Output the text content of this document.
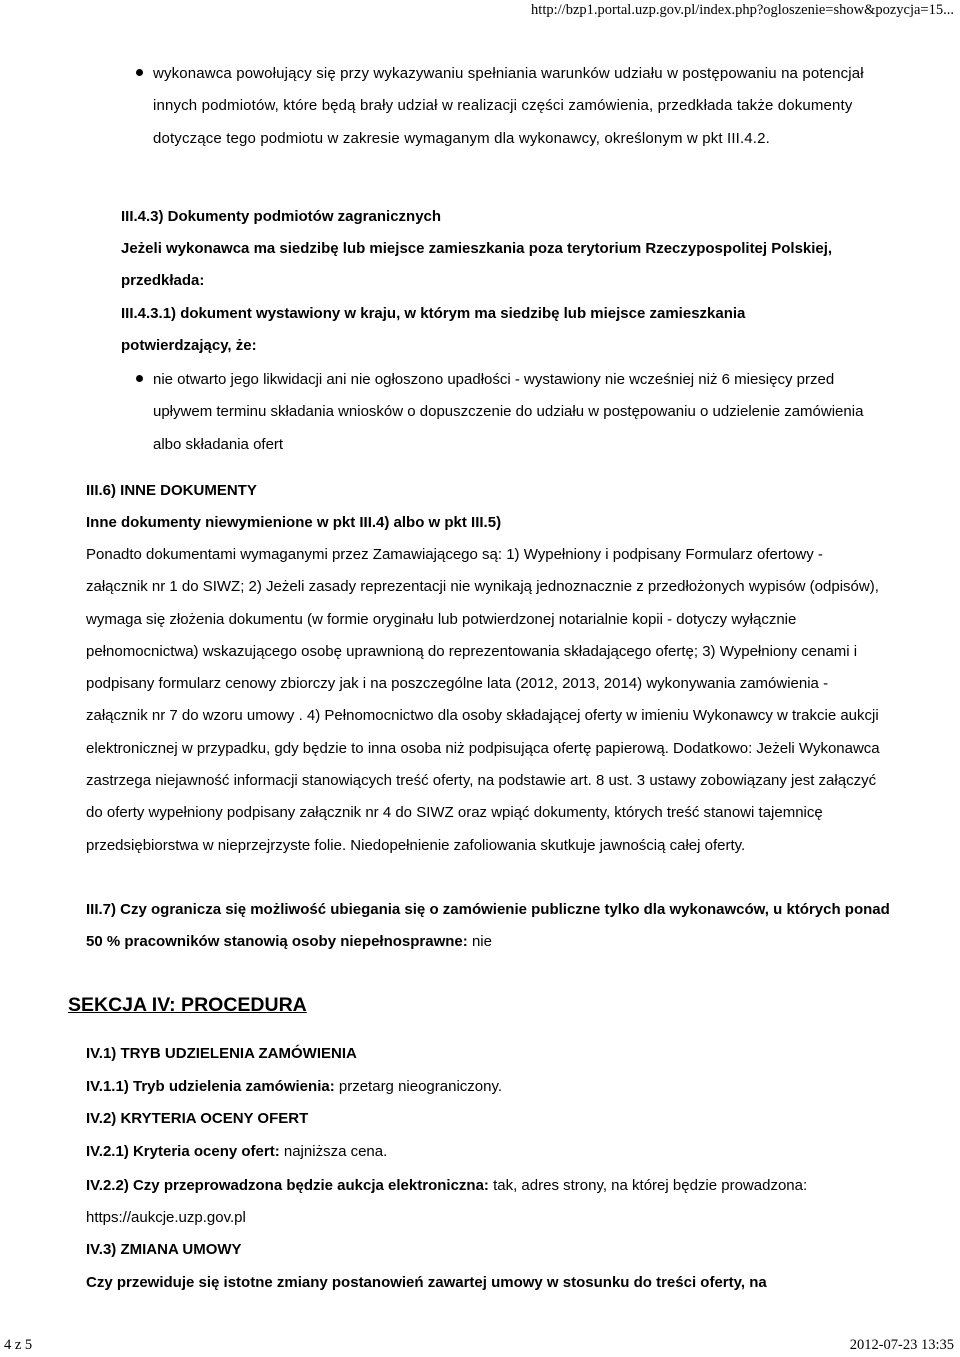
http://bzp1.portal.uzp.gov.pl/index.php?ogloszenie=show&pozycja=15...

wykonawca powołujący się przy wykazywaniu spełniania warunków udziału w postępowaniu na potencjał innych podmiotów, które będą brały udział w realizacji części zamówienia, przedkłada także dokumenty dotyczące tego podmiotu w zakresie wymaganym dla wykonawcy, określonym w pkt III.4.2.

III.4.3) Dokumenty podmiotów zagranicznych

Jeżeli wykonawca ma siedzibę lub miejsce zamieszkania poza terytorium Rzeczypospolitej Polskiej, przedkłada:

III.4.3.1) dokument wystawiony w kraju, w którym ma siedzibę lub miejsce zamieszkania potwierdzający, że:

nie otwarto jego likwidacji ani nie ogłoszono upadłości - wystawiony nie wcześniej niż 6 miesięcy przed upływem terminu składania wniosków o dopuszczenie do udziału w postępowaniu o udzielenie zamówienia albo składania ofert

III.6) INNE DOKUMENTY

Inne dokumenty niewymienione w pkt III.4) albo w pkt III.5)

Ponadto dokumentami wymaganymi przez Zamawiającego są: 1) Wypełniony i podpisany Formularz ofertowy - załącznik nr 1 do SIWZ; 2) Jeżeli zasady reprezentacji nie wynikają jednoznacznie z przedłożonych wypisów (odpisów), wymaga się złożenia dokumentu (w formie oryginału lub potwierdzonej notarialnie kopii - dotyczy wyłącznie pełnomocnictwa) wskazującego osobę uprawnioną do reprezentowania składającego ofertę; 3) Wypełniony cenami i podpisany formularz cenowy zbiorczy jak i na poszczególne lata (2012, 2013, 2014) wykonywania zamówienia - załącznik nr 7 do wzoru umowy . 4) Pełnomocnictwo dla osoby składającej oferty w imieniu Wykonawcy w trakcie aukcji elektronicznej w przypadku, gdy będzie to inna osoba niż podpisująca ofertę papierową. Dodatkowo: Jeżeli Wykonawca zastrzega niejawność informacji stanowiących treść oferty, na podstawie art. 8 ust. 3 ustawy zobowiązany jest załączyć do oferty wypełniony podpisany załącznik nr 4 do SIWZ oraz wpiąć dokumenty, których treść stanowi tajemnicę przedsiębiorstwa w nieprzejrzyste folie. Niedopełnienie zafoliowania skutkuje jawnością całej oferty.

III.7) Czy ogranicza się możliwość ubiegania się o zamówienie publiczne tylko dla wykonawców, u których ponad 50 % pracowników stanowią osoby niepełnosprawne: nie

SEKCJA IV: PROCEDURA

IV.1) TRYB UDZIELENIA ZAMÓWIENIA

IV.1.1) Tryb udzielenia zamówienia: przetarg nieograniczony.

IV.2) KRYTERIA OCENY OFERT

IV.2.1) Kryteria oceny ofert: najniższa cena.

IV.2.2) Czy przeprowadzona będzie aukcja elektroniczna: tak, adres strony, na której będzie prowadzona: https://aukcje.uzp.gov.pl

IV.3) ZMIANA UMOWY

Czy przewiduje się istotne zmiany postanowień zawartej umowy w stosunku do treści oferty, na

4 z 5	2012-07-23 13:35
